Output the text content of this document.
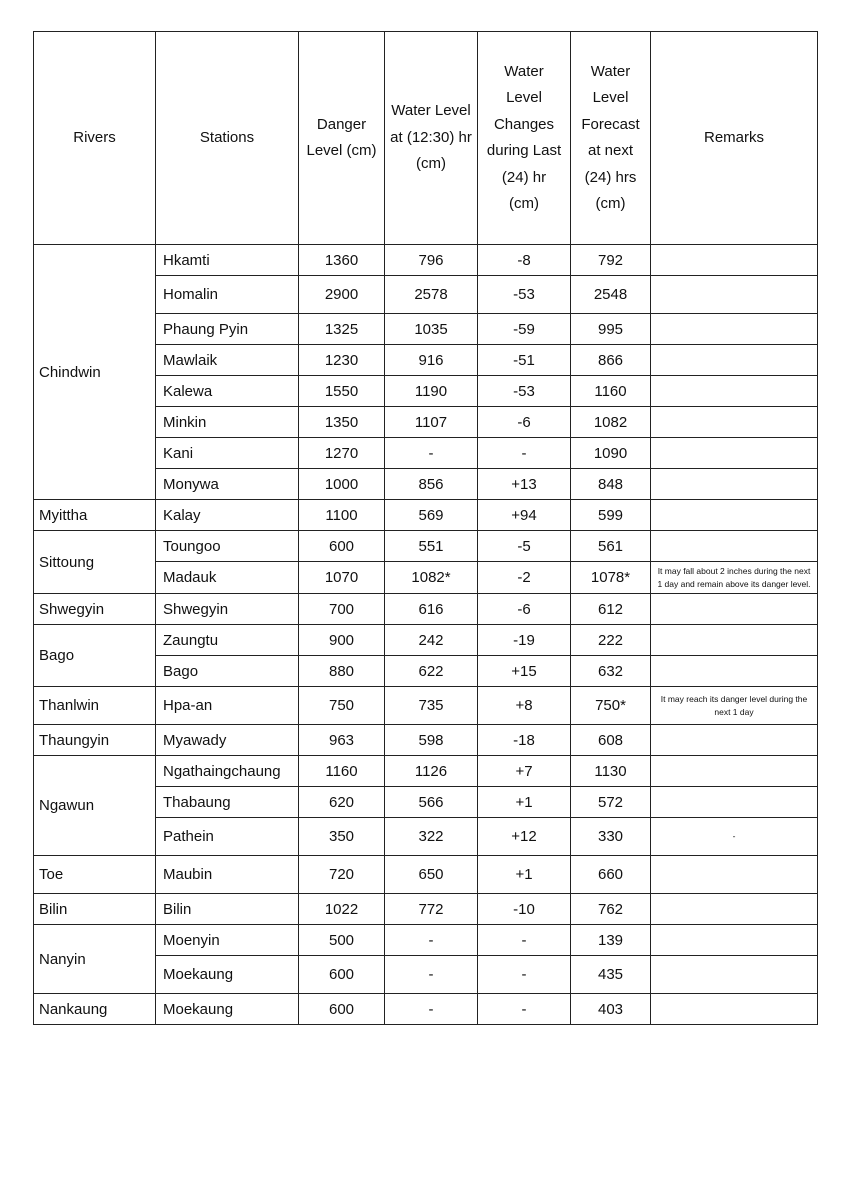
Rivers	Stations	Danger Level (cm)	Water Level at (12:30) hr (cm)	Water Level Changes during Last (24) hr (cm)	Water Level Forecast at next (24) hrs (cm)	Remarks
Chindwin	Hkamti	1360	796	-8	792	
	Homalin	2900	2578	-53	2548	
	Phaung Pyin	1325	1035	-59	995	
	Mawlaik	1230	916	-51	866	
	Kalewa	1550	1190	-53	1160	
	Minkin	1350	1107	-6	1082	
	Kani	1270	-	-	1090	
	Monywa	1000	856	+13	848	
Myittha	Kalay	1100	569	+94	599	
Sittoung	Toungoo	600	551	-5	561	
	Madauk	1070	1082*	-2	1078*	It may fall about 2 inches during the next 1 day and remain above its danger level.
Shwegyin	Shwegyin	700	616	-6	612	
Bago	Zaungtu	900	242	-19	222	
	Bago	880	622	+15	632	
Thanlwin	Hpa-an	750	735	+8	750*	It may reach its danger level during the next 1 day
Thaungyin	Myawady	963	598	-18	608	
Ngawun	Ngathaingchaung	1160	1126	+7	1130	
	Thabaung	620	566	+1	572	
	Pathein	350	322	+12	330	-
Toe	Maubin	720	650	+1	660	
Bilin	Bilin	1022	772	-10	762	
Nanyin	Moenyin	500	-	-	139	
	Moekaung	600	-	-	435	
Nankaung	Moekaung	600	-	-	403	
